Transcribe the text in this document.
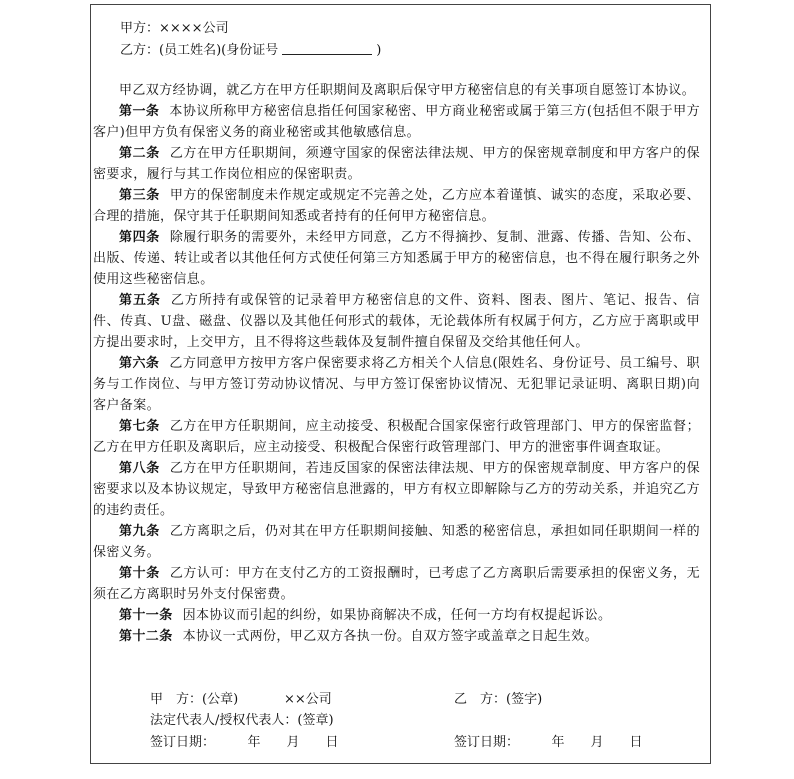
甲方：××××公司
乙方：(员工姓名)(身份证号	)

甲乙双方经协调，就乙方在甲方任职期间及离职后保守甲方秘密信息的有关事项自愿签订本协议。

第一条 本协议所称甲方秘密信息指任何国家秘密、甲方商业秘密或属于第三方(包括但不限于甲方客户)但甲方负有保密义务的商业秘密或其他敏感信息。

第二条 乙方在甲方任职期间，须遵守国家的保密法律法规、甲方的保密规章制度和甲方客户的保密要求，履行与其工作岗位相应的保密职责。

第三条 甲方的保密制度未作规定或规定不完善之处，乙方应本着谨慎、诚实的态度，采取必要、合理的措施，保守其于任职期间知悉或者持有的任何甲方秘密信息。

第四条 除履行职务的需要外，未经甲方同意，乙方不得摘抄、复制、泄露、传播、告知、公布、出版、传递、转让或者以其他任何方式使任何第三方知悉属于甲方的秘密信息，也不得在履行职务之外使用这些秘密信息。

第五条 乙方所持有或保管的记录着甲方秘密信息的文件、资料、图表、图片、笔记、报告、信件、传真、U盘、磁盘、仪器以及其他任何形式的载体，无论载体所有权属于何方，乙方应于离职或甲方提出要求时，上交甲方，且不得将这些载体及复制件擅自保留及交给其他任何人。

第六条 乙方同意甲方按甲方客户保密要求将乙方相关个人信息(限姓名、身份证号、员工编号、职务与工作岗位、与甲方签订劳动协议情况、与甲方签订保密协议情况、无犯罪记录证明、离职日期)向客户备案。

第七条 乙方在甲方任职期间，应主动接受、积极配合国家保密行政管理部门、甲方的保密监督；乙方在甲方任职及离职后，应主动接受、积极配合保密行政管理部门、甲方的泄密事件调查取证。

第八条 乙方在甲方任职期间，若违反国家的保密法律法规、甲方的保密规章制度、甲方客户的保密要求以及本协议规定，导致甲方秘密信息泄露的，甲方有权立即解除与乙方的劳动关系，并追究乙方的违约责任。

第九条 乙方离职之后，仍对其在甲方任职期间接触、知悉的秘密信息，承担如同任职期间一样的保密义务。

第十条 乙方认可：甲方在支付乙方的工资报酬时，已考虑了乙方离职后需要承担的保密义务，无须在乙方离职时另外支付保密费。

第十一条 因本协议而引起的纠纷，如果协商解决不成，任何一方均有权提起诉讼。

第十二条 本协议一式两份，甲乙双方各执一份。自双方签字或盖章之日起生效。

甲　方：(公章)	××公司	乙　方：(签字)
法定代表人/授权代表人：(签章)
签订日期：　　　年　　月　　日	签订日期：　　　年　　月　　日
